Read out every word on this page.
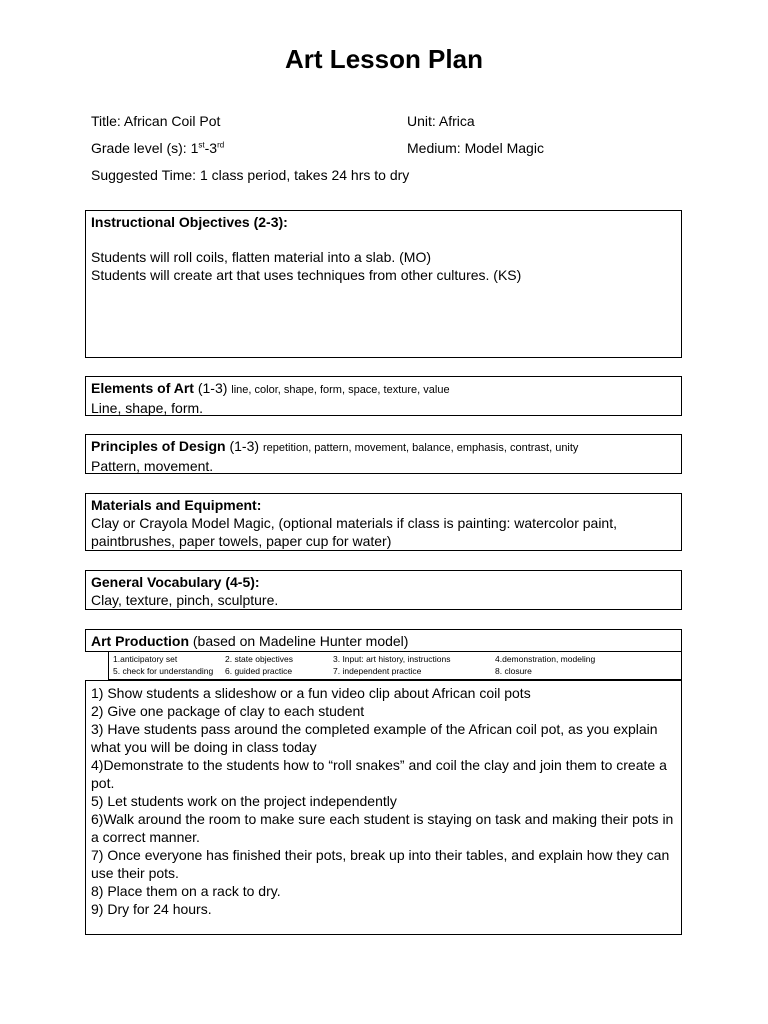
Art Lesson Plan
Title: African Coil Pot	Unit: Africa
Grade level (s): 1st-3rd	Medium: Model Magic
Suggested Time: 1 class period, takes 24 hrs to dry
Instructional Objectives (2-3):
Students will roll coils, flatten material into a slab. (MO)
Students will create art that uses techniques from other cultures. (KS)
Elements of Art (1-3) line, color, shape, form, space, texture, value
Line, shape, form.
Principles of Design (1-3) repetition, pattern, movement, balance, emphasis, contrast, unity
Pattern, movement.
Materials and Equipment:
Clay or Crayola Model Magic, (optional materials if class is painting: watercolor paint, paintbrushes, paper towels, paper cup for water)
General Vocabulary (4-5):
Clay, texture, pinch, sculpture.
Art Production (based on Madeline Hunter model)
1.anticipatory set	2. state objectives	3. Input: art history, instructions	4.demonstration, modeling
5. check for understanding	6. guided practice	7. independent practice	8. closure
1) Show students a slideshow or a fun video clip about African coil pots
2) Give one package of clay to each student
3) Have students pass around the completed example of the African coil pot, as you explain what you will be doing in class today
4)Demonstrate to the students how to “roll snakes” and coil the clay and join them to create a pot.
5) Let students work on the project independently
6)Walk around the room to make sure each student is staying on task and making their pots in a correct manner.
7) Once everyone has finished their pots, break up into their tables, and explain how they can use their pots.
8) Place them on a rack to dry.
9) Dry for 24 hours.
